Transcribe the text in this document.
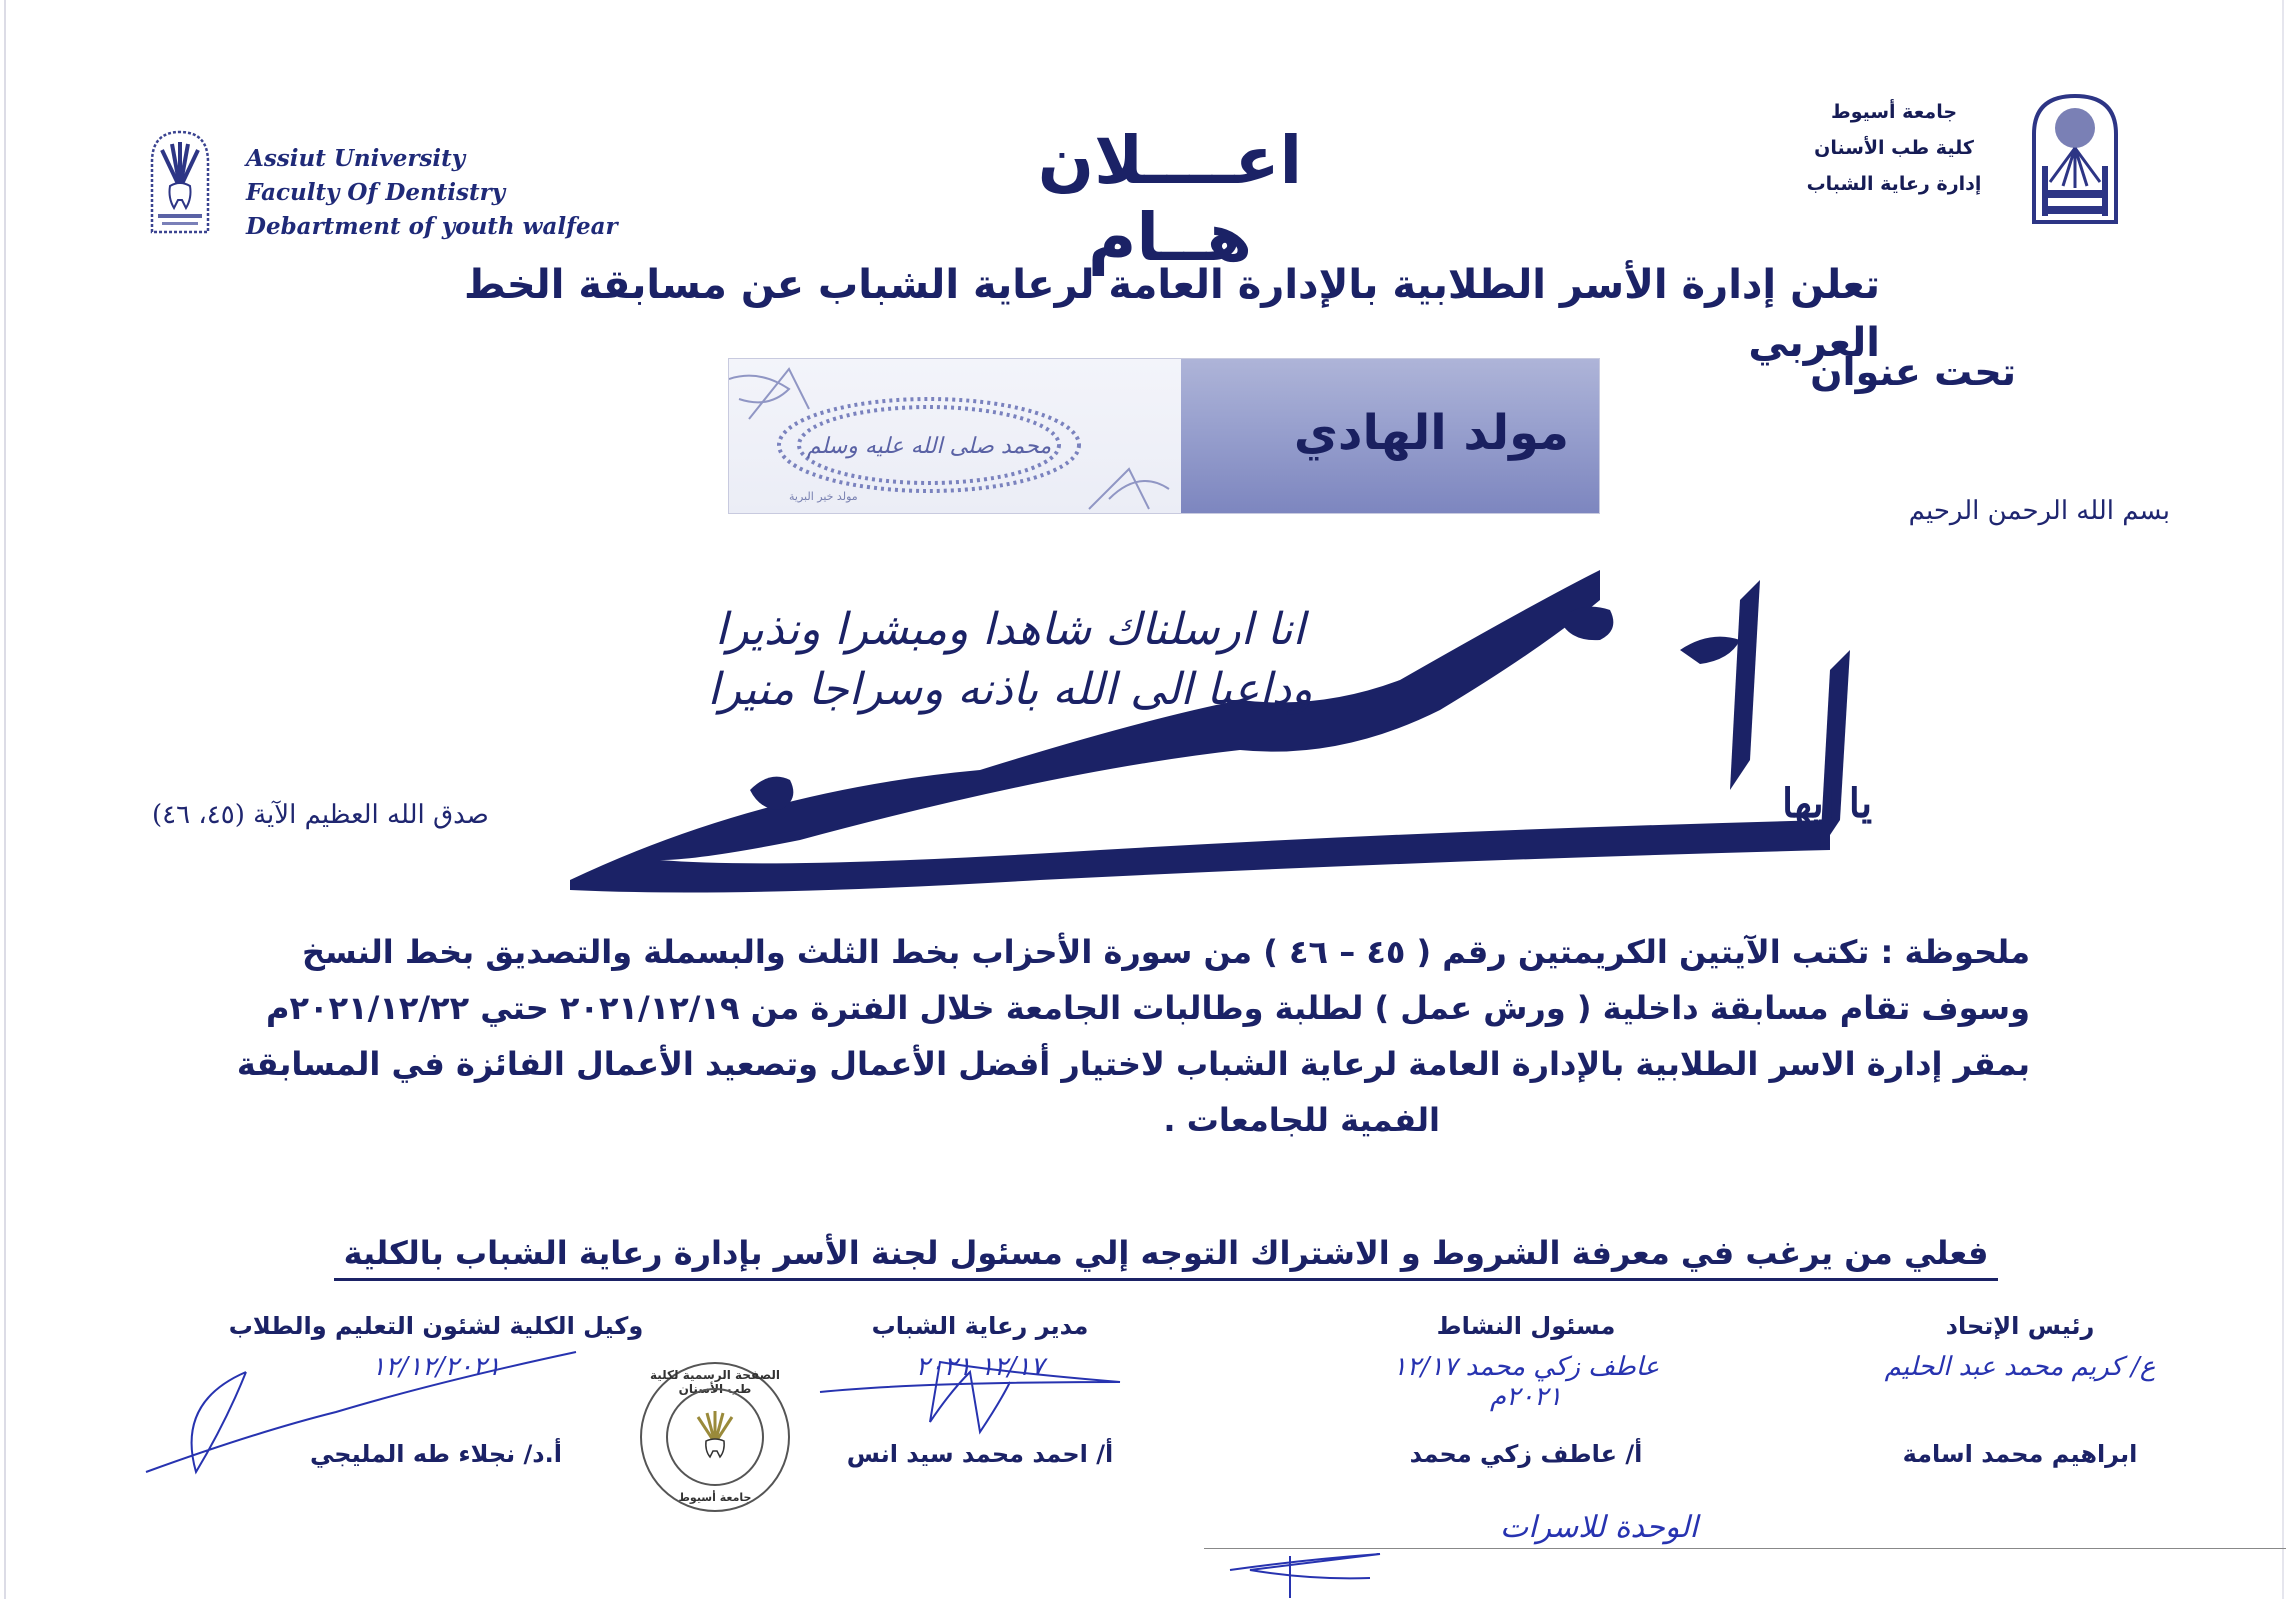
Assiut University
Faculty Of Dentistry
Debartment of youth walfear
اعــــلان هــام
جامعة أسيوط
كلية طب الأسنان
إدارة رعاية الشباب
تعلن إدارة الأسر الطلابية بالإدارة العامة لرعاية الشباب عن مسابقة الخط العربي
تحت عنوان
محمد صلى الله عليه وسلم
مولد خير البرية
مولد الهادي
بسم الله الرحمن الرحيم
انا ارسلناك شاهدا ومبشرا ونذيرا
وداعيا الى الله باذنه وسراجا منيرا
يا ايها
صدق الله العظيم الآية (٤٥، ٤٦)

ملحوظة : تكتب الآيتين الكريمتين رقم ( ٤٥ – ٤٦ ) من سورة الأحزاب بخط الثلث والبسملة والتصديق بخط النسخ

وسوف تقام مسابقة داخلية ( ورش عمل ) لطلبة وطالبات الجامعة خلال الفترة من ٢٠٢١/١٢/١٩ حتي ٢٠٢١/١٢/٢٢م

بمقر إدارة الاسر الطلابية بالإدارة العامة لرعاية الشباب لاختيار أفضل الأعمال وتصعيد الأعمال الفائزة في المسابقة

الفمية للجامعات .

فعلي من يرغب في معرفة الشروط و الاشتراك التوجه إلي مسئول لجنة الأسر بإدارة رعاية الشباب بالكلية
رئيس الإتحاد
ع/ كريم محمد عبد الحليم
ابراهيم محمد اسامة
مسئول النشاط
عاطف زكي محمد ١٢/١٧ ٢٠٢١م
أ/ عاطف زكي محمد
مدير رعاية الشباب
١٢/١٧ ٢٠٢١
أ/ احمد محمد سيد انس
وكيل الكلية لشئون التعليم والطلاب
١٢/١٢/٢٠٢١
أ.د/ نجلاء طه المليجي
الصفحة الرسمية لكلية طب الأسنان
جامعة أسيوط
الوحدة للاسرات
